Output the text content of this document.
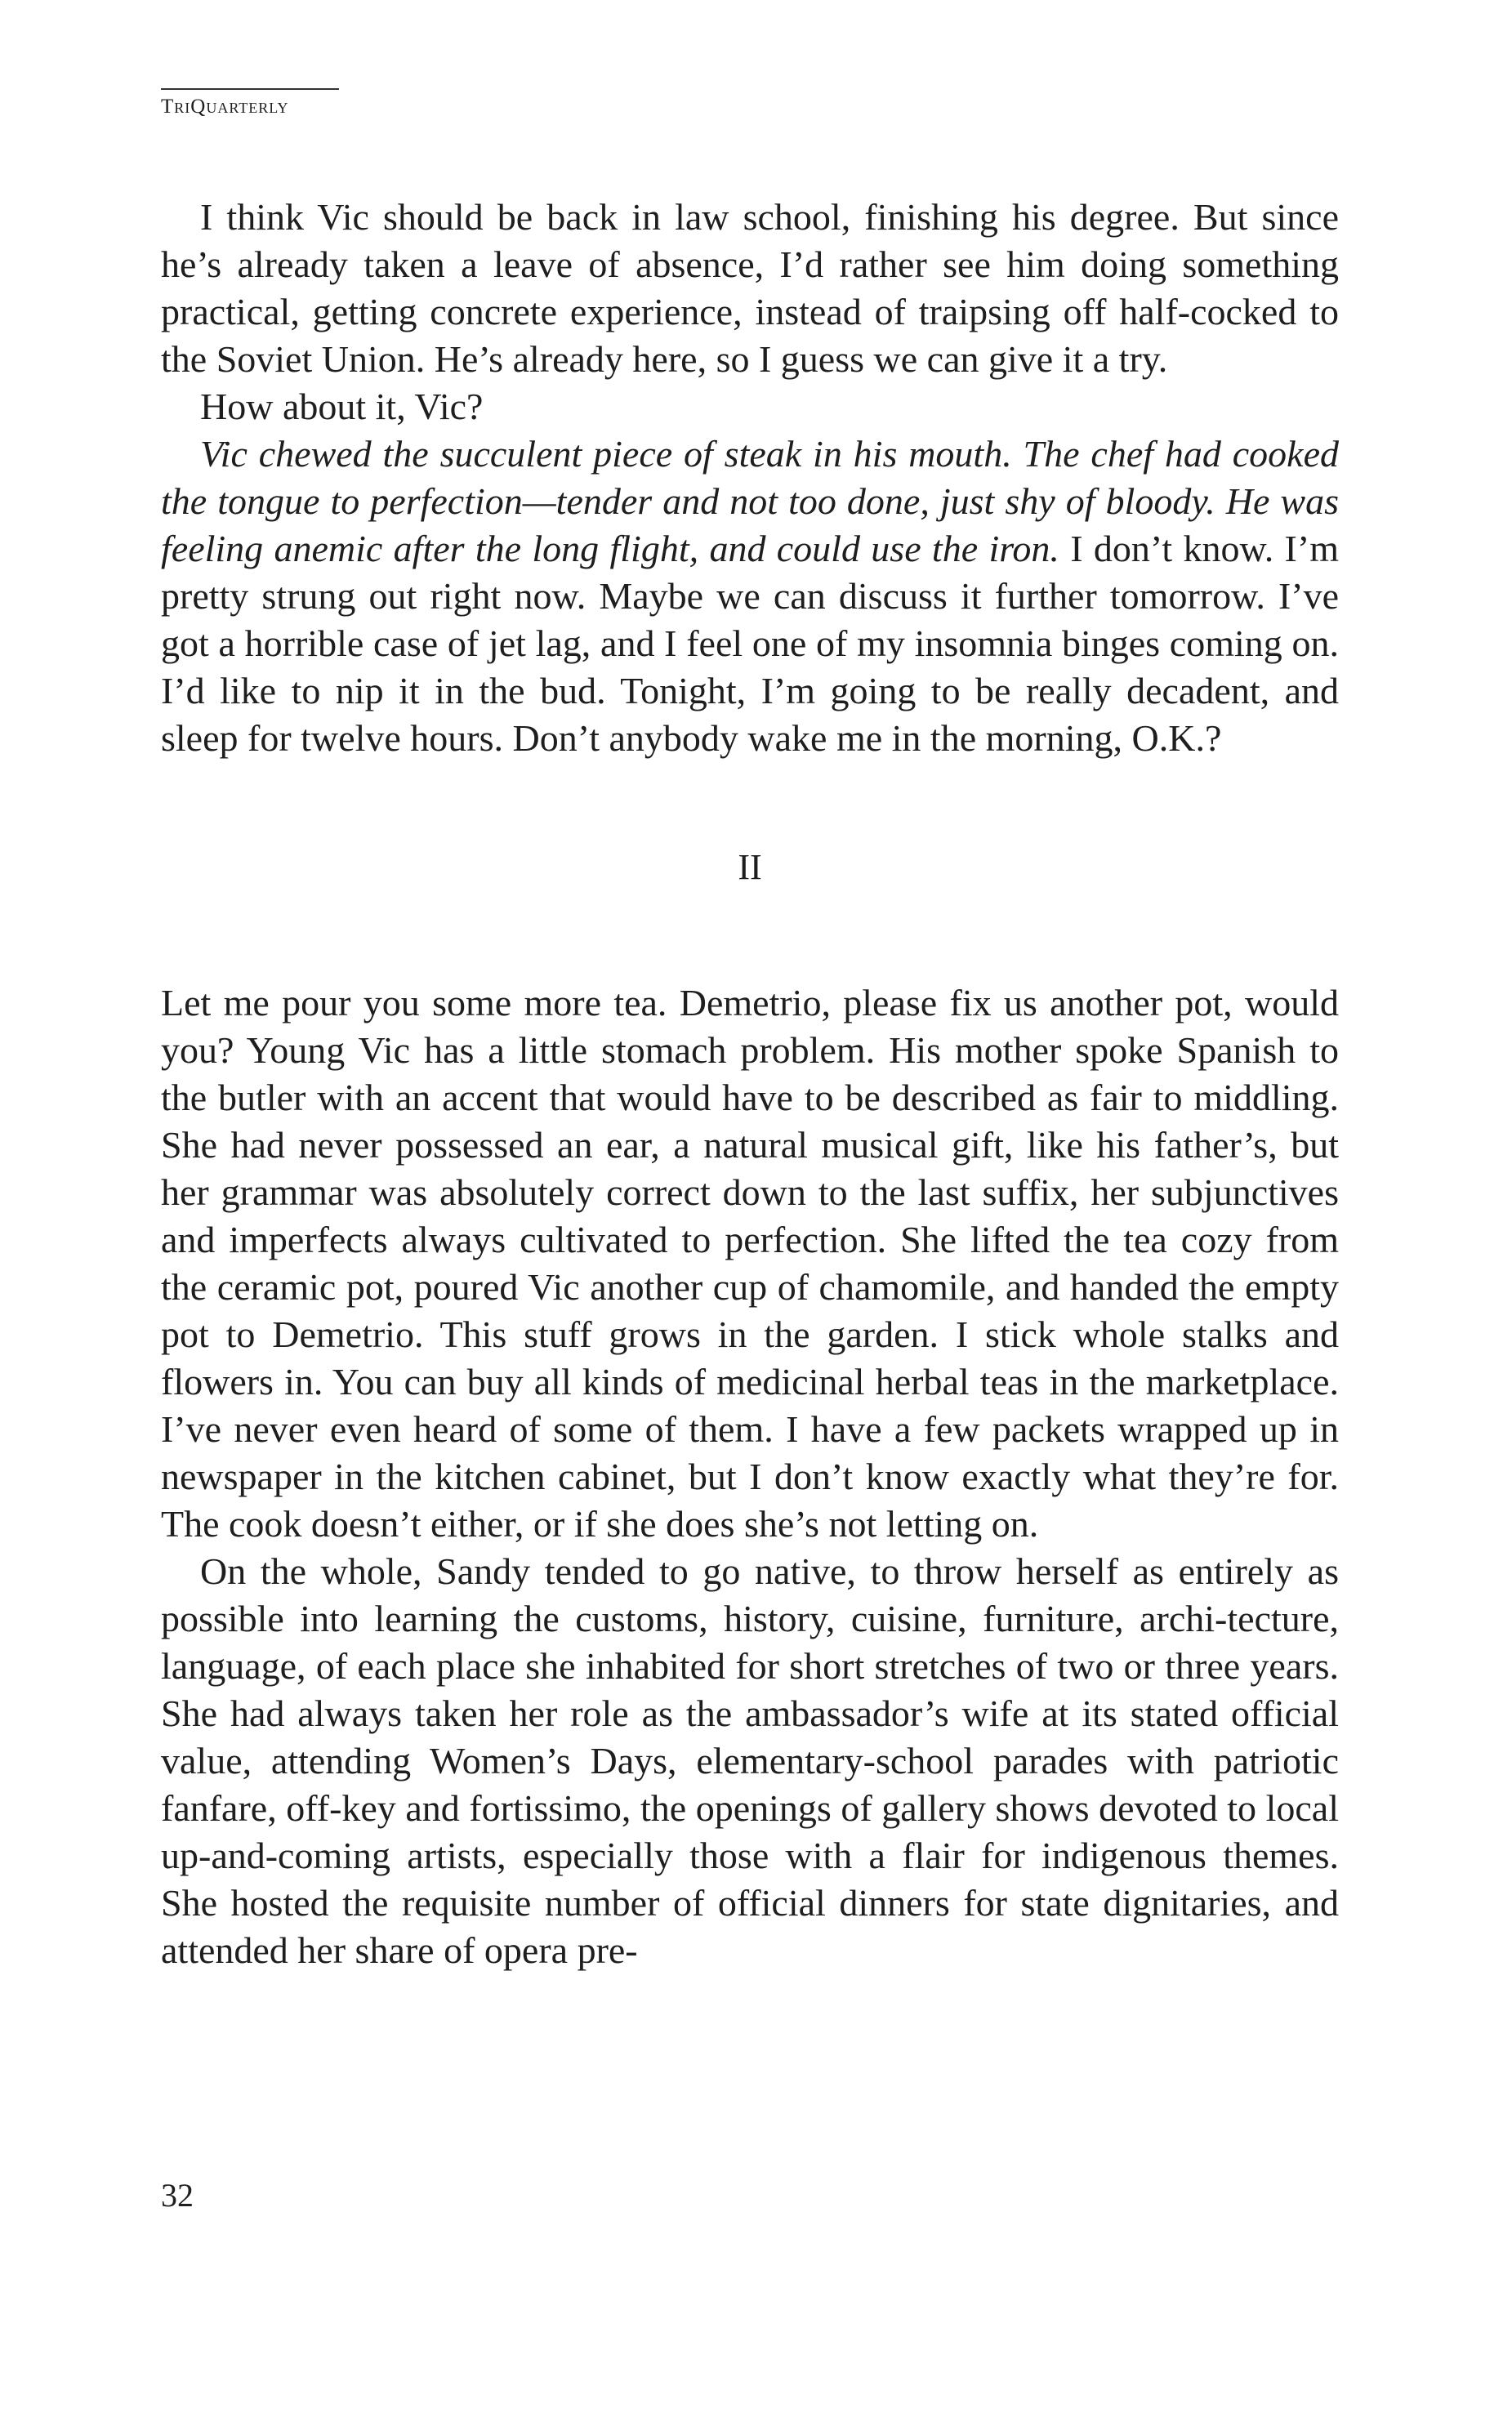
TriQuarterly

I think Vic should be back in law school, finishing his degree. But since he’s already taken a leave of absence, I’d rather see him doing something practical, getting concrete experience, instead of traipsing off half-cocked to the Soviet Union. He’s already here, so I guess we can give it a try.

How about it, Vic?

Vic chewed the succulent piece of steak in his mouth. The chef had cooked the tongue to perfection—tender and not too done, just shy of bloody. He was feeling anemic after the long flight, and could use the iron. I don’t know. I’m pretty strung out right now. Maybe we can discuss it further tomorrow. I’ve got a horrible case of jet lag, and I feel one of my insomnia binges coming on. I’d like to nip it in the bud. Tonight, I’m going to be really decadent, and sleep for twelve hours. Don’t anybody wake me in the morning, O.K.?

II

Let me pour you some more tea. Demetrio, please fix us another pot, would you? Young Vic has a little stomach problem. His mother spoke Spanish to the butler with an accent that would have to be described as fair to middling. She had never possessed an ear, a natural musical gift, like his father’s, but her grammar was absolutely correct down to the last suffix, her subjunctives and imperfects always cultivated to perfection. She lifted the tea cozy from the ceramic pot, poured Vic another cup of chamomile, and handed the empty pot to Demetrio. This stuff grows in the garden. I stick whole stalks and flowers in. You can buy all kinds of medicinal herbal teas in the marketplace. I’ve never even heard of some of them. I have a few packets wrapped up in newspaper in the kitchen cabinet, but I don’t know exactly what they’re for. The cook doesn’t either, or if she does she’s not letting on.

On the whole, Sandy tended to go native, to throw herself as entirely as possible into learning the customs, history, cuisine, furniture, archi-tecture, language, of each place she inhabited for short stretches of two or three years. She had always taken her role as the ambassador’s wife at its stated official value, attending Women’s Days, elementary-school parades with patriotic fanfare, off-key and fortissimo, the openings of gallery shows devoted to local up-and-coming artists, especially those with a flair for indigenous themes. She hosted the requisite number of official dinners for state dignitaries, and attended her share of opera pre-

32
